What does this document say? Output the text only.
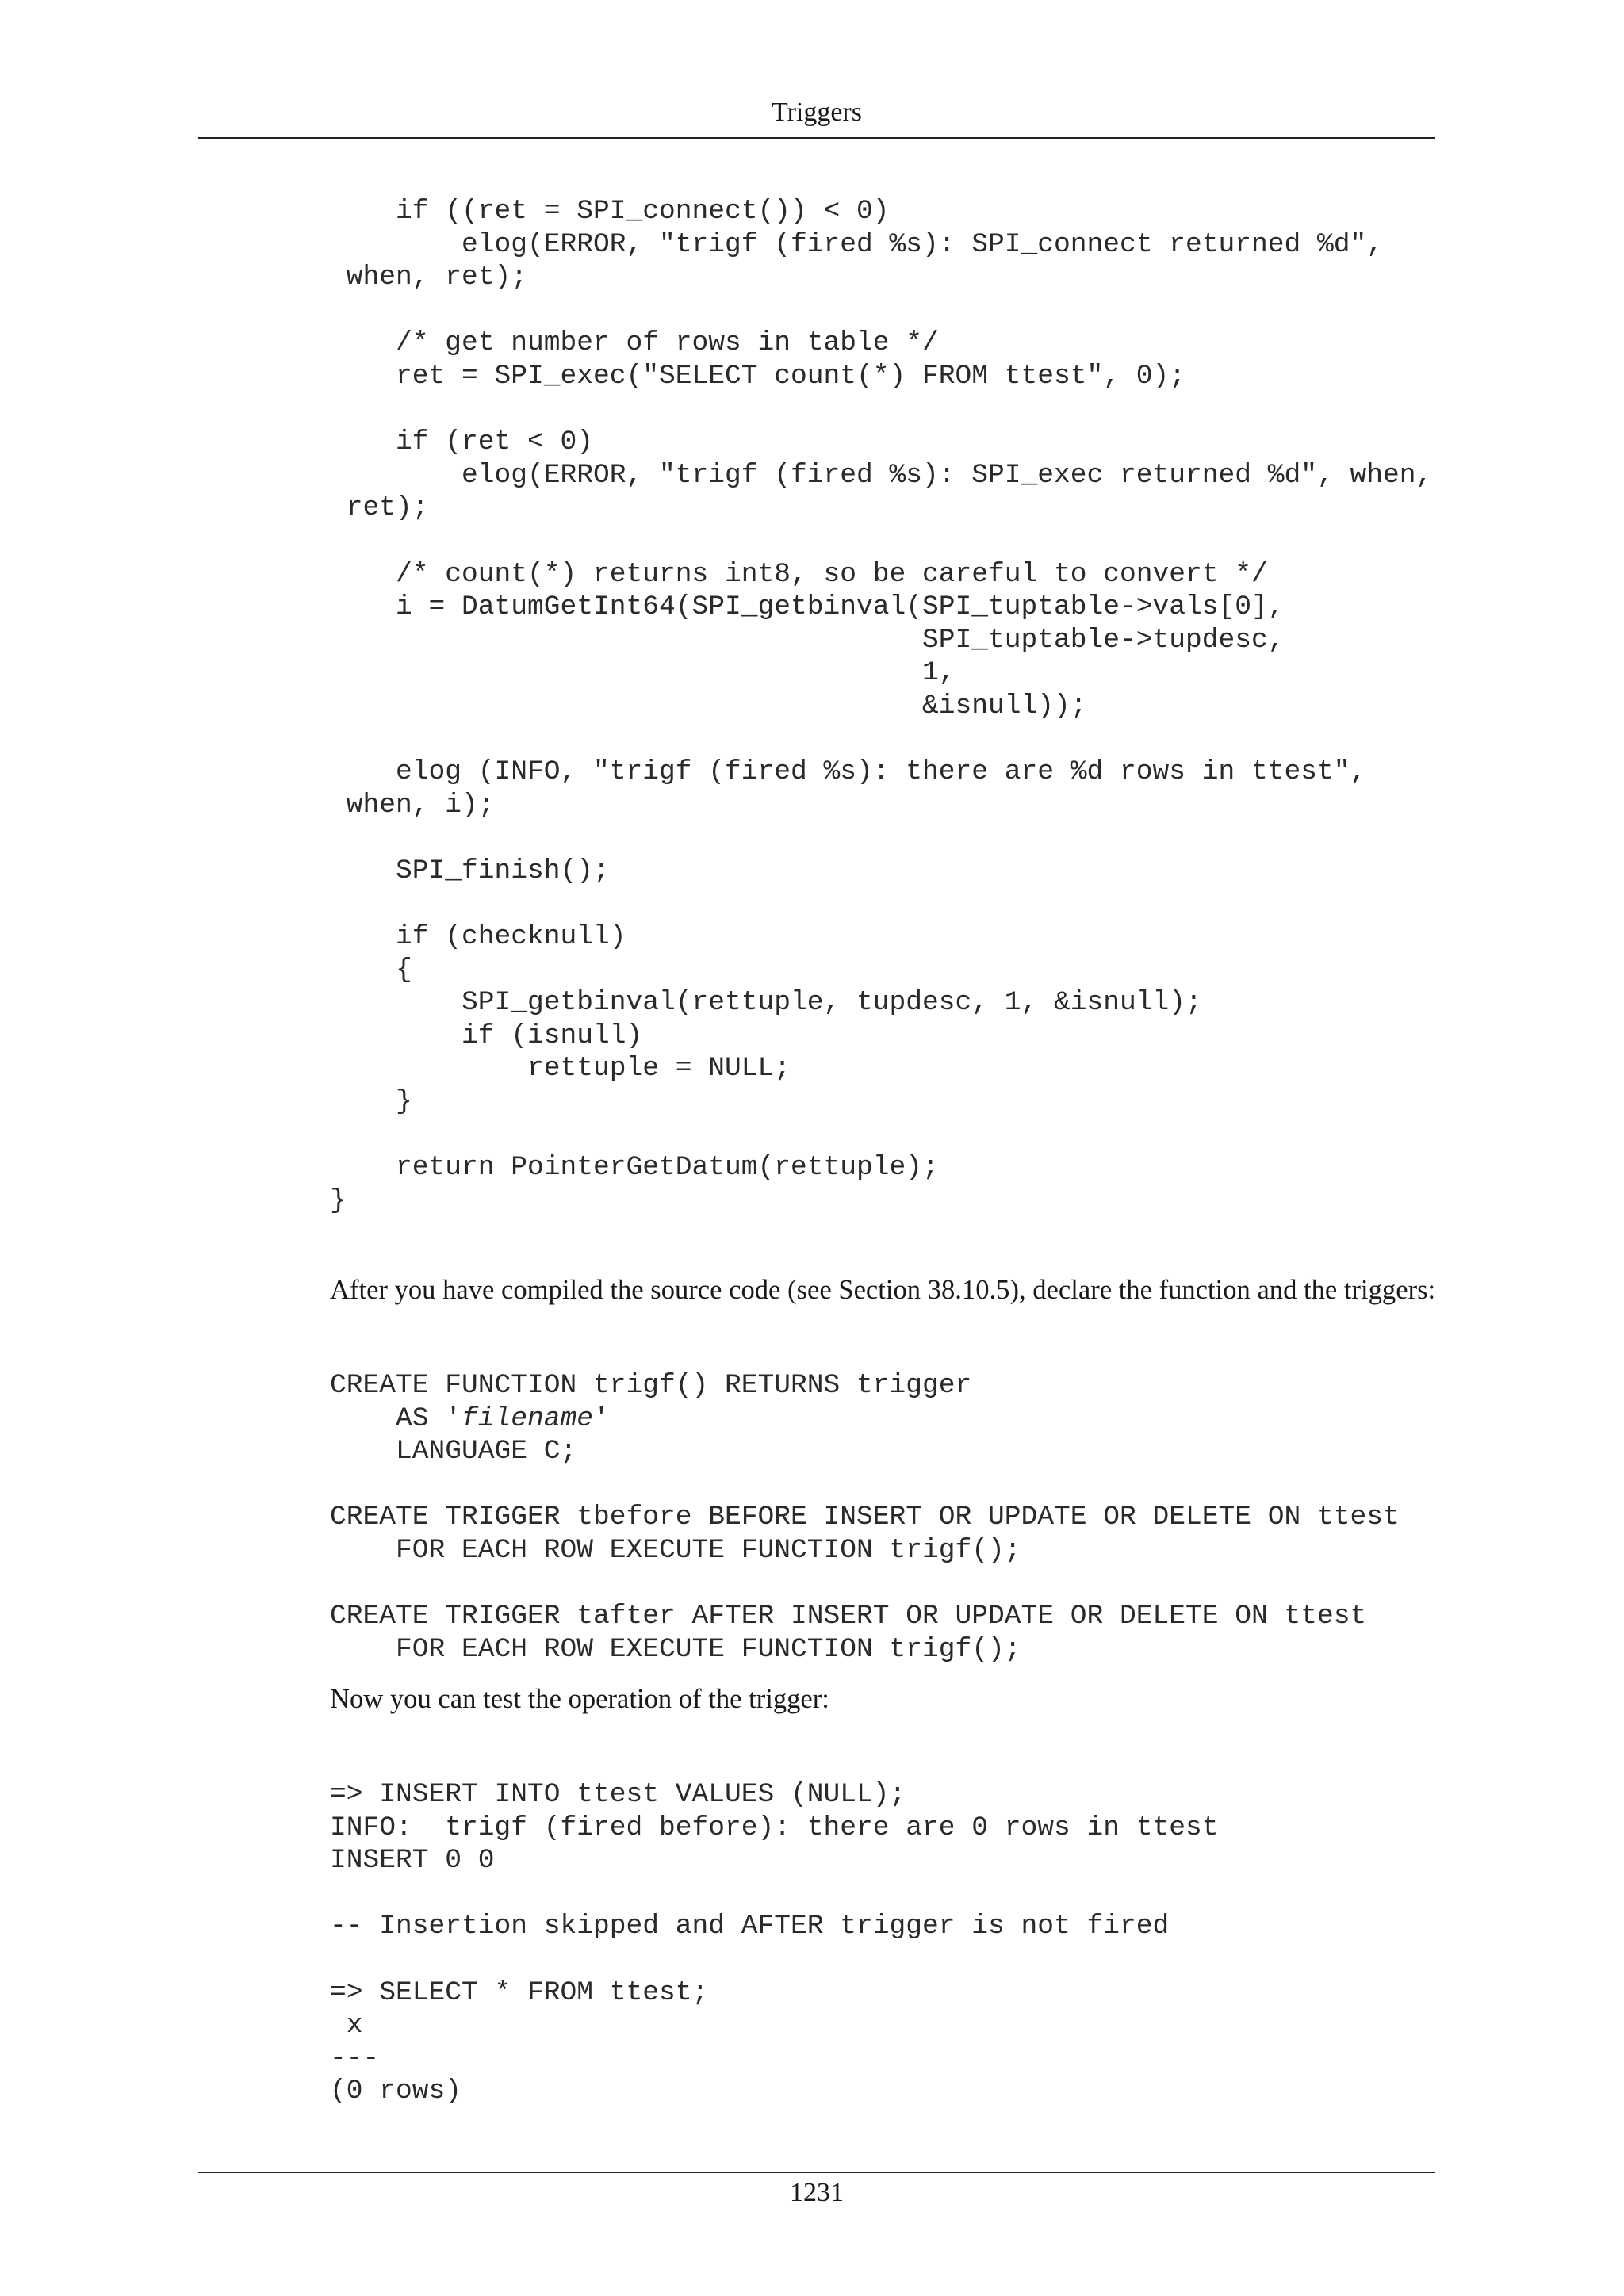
Triggers
if ((ret = SPI_connect()) < 0)
elog(ERROR, "trigf (fired %s): SPI_connect returned %d",
when, ret);
/* get number of rows in table */
ret = SPI_exec("SELECT count(*) FROM ttest", 0);
if (ret < 0)
elog(ERROR, "trigf (fired %s): SPI_exec returned %d", when,
ret);
/* count(*) returns int8, so be careful to convert */
i = DatumGetInt64(SPI_getbinval(SPI_tuptable->vals[0],
SPI_tuptable->tupdesc,
1,
&isnull));
elog (INFO, "trigf (fired %s): there are %d rows in ttest",
when, i);
SPI_finish();
if (checknull)
{
SPI_getbinval(rettuple, tupdesc, 1, &isnull);
if (isnull)
rettuple = NULL;
}
return PointerGetDatum(rettuple);
}

After you have compiled the source code (see Section 38.10.5), declare the function and the triggers:

CREATE FUNCTION trigf() RETURNS trigger
AS 'filename'
LANGUAGE C;
CREATE TRIGGER tbefore BEFORE INSERT OR UPDATE OR DELETE ON ttest
FOR EACH ROW EXECUTE FUNCTION trigf();
CREATE TRIGGER tafter AFTER INSERT OR UPDATE OR DELETE ON ttest
FOR EACH ROW EXECUTE FUNCTION trigf();

Now you can test the operation of the trigger:

=> INSERT INTO ttest VALUES (NULL);
INFO:  trigf (fired before): there are 0 rows in ttest
INSERT 0 0
-- Insertion skipped and AFTER trigger is not fired
=> SELECT * FROM ttest;
x
---
(0 rows)
1231
